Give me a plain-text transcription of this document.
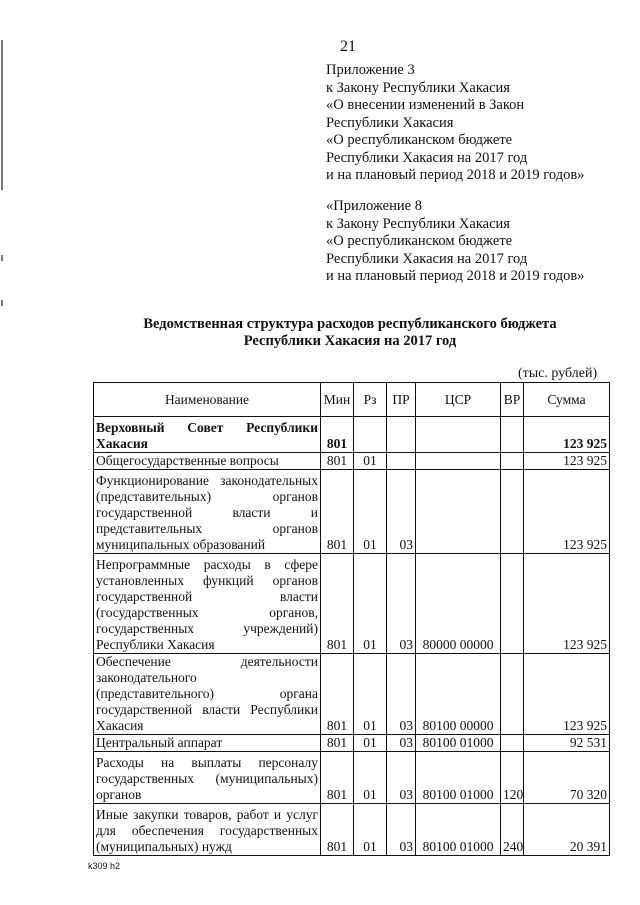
21
Приложение 3
к Закону Республики Хакасия
«О внесении изменений в Закон
Республики Хакасия
«О республиканском бюджете
Республики Хакасия на 2017 год
и на плановый период 2018 и 2019 годов»
«Приложение 8
к Закону Республики Хакасия
«О республиканском бюджете
Республики Хакасия на 2017 год
и на плановый период 2018 и 2019 годов»
Ведомственная структура расходов республиканского бюджета
Республики Хакасия на 2017 год
(тыс. рублей)
Наименование	Мин	Рз	ПР	ЦСР	ВР	Сумма
Верховный Совет Республики Хакасия	801					123 925
Общегосударственные вопросы	801	01				123 925
Функционирование законодательных (представительных) органов государственной власти и представительных органов муниципальных образований	801	01	03			123 925
Непрограммные расходы в сфере установленных функций органов государственной власти (государственных органов, государственных учреждений) Республики Хакасия	801	01	03	80000 00000		123 925
Обеспечение деятельности законодательного (представительного) органа государственной власти Республики Хакасия	801	01	03	80100 00000		123 925
Центральный аппарат	801	01	03	80100 01000		92 531
Расходы на выплаты персоналу государственных (муниципальных) органов	801	01	03	80100 01000	120	70 320
Иные закупки товаров, работ и услуг для обеспечения государственных (муниципальных) нужд	801	01	03	80100 01000	240	20 391
k309 h2
